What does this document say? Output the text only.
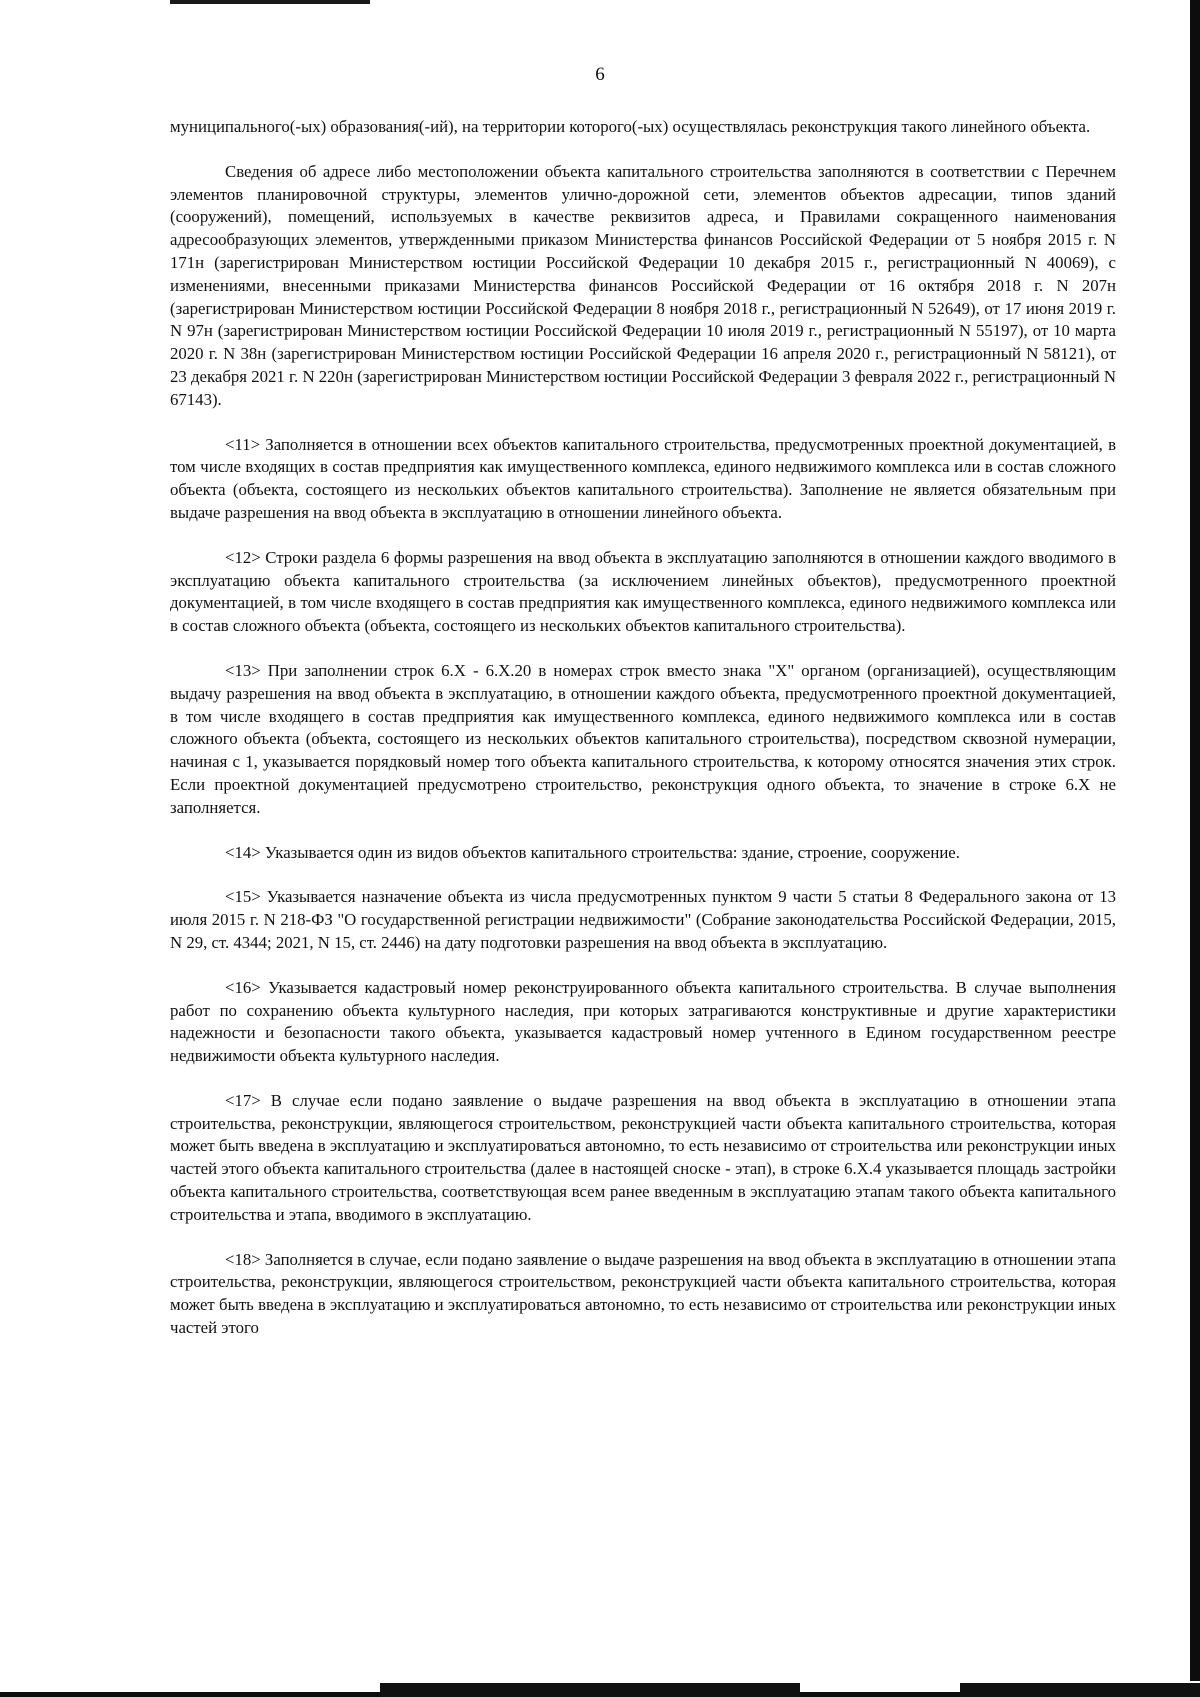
6

муниципального(-ых) образования(-ий), на территории которого(-ых) осуществлялась реконструкция такого линейного объекта.

Сведения об адресе либо местоположении объекта капитального строительства заполняются в соответствии с Перечнем элементов планировочной структуры, элементов улично-дорожной сети, элементов объектов адресации, типов зданий (сооружений), помещений, используемых в качестве реквизитов адреса, и Правилами сокращенного наименования адресообразующих элементов, утвержденными приказом Министерства финансов Российской Федерации от 5 ноября 2015 г. N 171н (зарегистрирован Министерством юстиции Российской Федерации 10 декабря 2015 г., регистрационный N 40069), с изменениями, внесенными приказами Министерства финансов Российской Федерации от 16 октября 2018 г. N 207н (зарегистрирован Министерством юстиции Российской Федерации 8 ноября 2018 г., регистрационный N 52649), от 17 июня 2019 г. N 97н (зарегистрирован Министерством юстиции Российской Федерации 10 июля 2019 г., регистрационный N 55197), от 10 марта 2020 г. N 38н (зарегистрирован Министерством юстиции Российской Федерации 16 апреля 2020 г., регистрационный N 58121), от 23 декабря 2021 г. N 220н (зарегистрирован Министерством юстиции Российской Федерации 3 февраля 2022 г., регистрационный N 67143).

<11> Заполняется в отношении всех объектов капитального строительства, предусмотренных проектной документацией, в том числе входящих в состав предприятия как имущественного комплекса, единого недвижимого комплекса или в состав сложного объекта (объекта, состоящего из нескольких объектов капитального строительства). Заполнение не является обязательным при выдаче разрешения на ввод объекта в эксплуатацию в отношении линейного объекта.

<12> Строки раздела 6 формы разрешения на ввод объекта в эксплуатацию заполняются в отношении каждого вводимого в эксплуатацию объекта капитального строительства (за исключением линейных объектов), предусмотренного проектной документацией, в том числе входящего в состав предприятия как имущественного комплекса, единого недвижимого комплекса или в состав сложного объекта (объекта, состоящего из нескольких объектов капитального строительства).

<13> При заполнении строк 6.X - 6.X.20 в номерах строк вместо знака "X" органом (организацией), осуществляющим выдачу разрешения на ввод объекта в эксплуатацию, в отношении каждого объекта, предусмотренного проектной документацией, в том числе входящего в состав предприятия как имущественного комплекса, единого недвижимого комплекса или в состав сложного объекта (объекта, состоящего из нескольких объектов капитального строительства), посредством сквозной нумерации, начиная с 1, указывается порядковый номер того объекта капитального строительства, к которому относятся значения этих строк. Если проектной документацией предусмотрено строительство, реконструкция одного объекта, то значение в строке 6.X не заполняется.

<14> Указывается один из видов объектов капитального строительства: здание, строение, сооружение.

<15> Указывается назначение объекта из числа предусмотренных пунктом 9 части 5 статьи 8 Федерального закона от 13 июля 2015 г. N 218-ФЗ "О государственной регистрации недвижимости" (Собрание законодательства Российской Федерации, 2015, N 29, ст. 4344; 2021, N 15, ст. 2446) на дату подготовки разрешения на ввод объекта в эксплуатацию.

<16> Указывается кадастровый номер реконструированного объекта капитального строительства. В случае выполнения работ по сохранению объекта культурного наследия, при которых затрагиваются конструктивные и другие характеристики надежности и безопасности такого объекта, указывается кадастровый номер учтенного в Едином государственном реестре недвижимости объекта культурного наследия.

<17> В случае если подано заявление о выдаче разрешения на ввод объекта в эксплуатацию в отношении этапа строительства, реконструкции, являющегося строительством, реконструкцией части объекта капитального строительства, которая может быть введена в эксплуатацию и эксплуатироваться автономно, то есть независимо от строительства или реконструкции иных частей этого объекта капитального строительства (далее в настоящей сноске - этап), в строке 6.X.4 указывается площадь застройки объекта капитального строительства, соответствующая всем ранее введенным в эксплуатацию этапам такого объекта капитального строительства и этапа, вводимого в эксплуатацию.

<18> Заполняется в случае, если подано заявление о выдаче разрешения на ввод объекта в эксплуатацию в отношении этапа строительства, реконструкции, являющегося строительством, реконструкцией части объекта капитального строительства, которая может быть введена в эксплуатацию и эксплуатироваться автономно, то есть независимо от строительства или реконструкции иных частей этого
